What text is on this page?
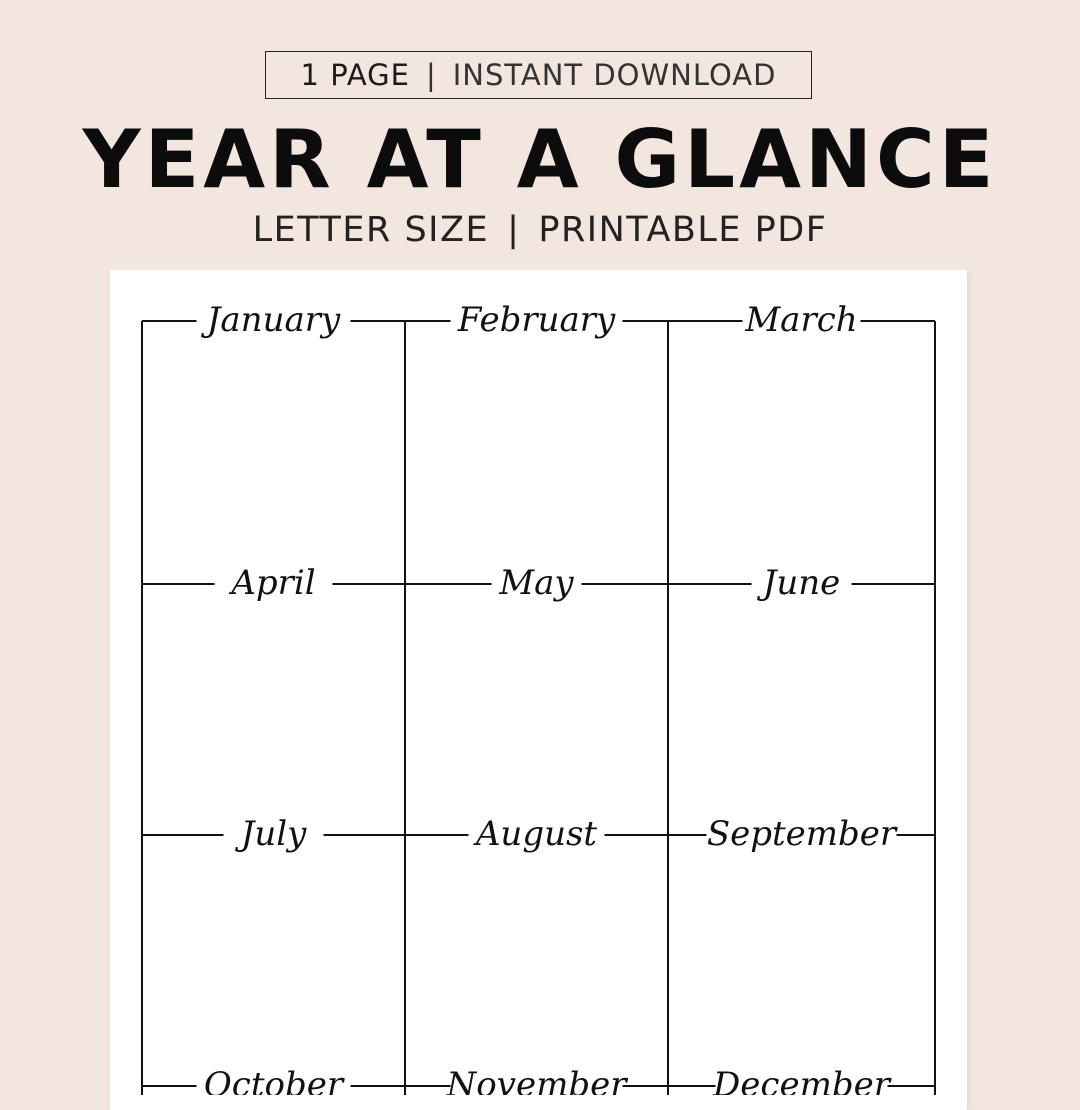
1 PAGE | INSTANT DOWNLOAD
YEAR AT A GLANCE
LETTER SIZE | PRINTABLE PDF
January	February	March
April	May	June
July	August	September
October	November	December
